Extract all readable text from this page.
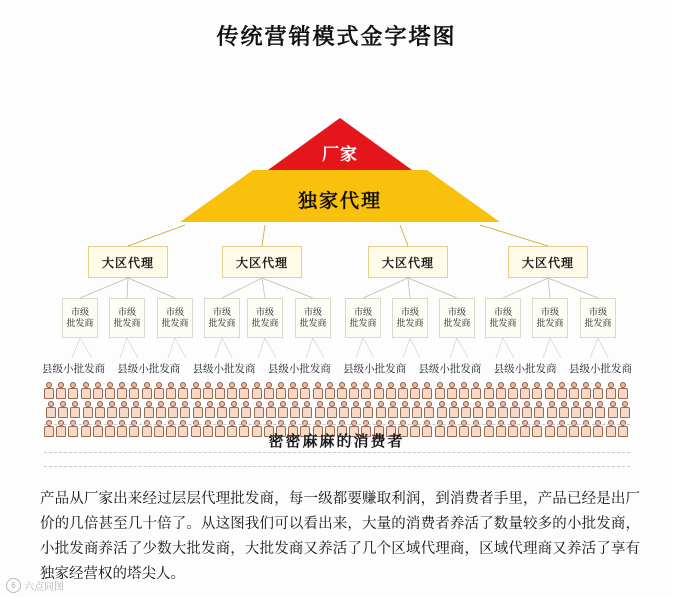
传统营销模式金字塔图
厂家
独家代理
大区代理	大区代理	大区代理	大区代理
市级
批发商
市级
批发商
市级
批发商
市级
批发商
市级
批发商
市级
批发商
市级
批发商
市级
批发商
市级
批发商
市级
批发商
市级
批发商
市级
批发商
县级小批发商 县级小批发商 县级小批发商 县级小批发商 县级小批发商 县级小批发商 县级小批发商 县级小批发商
密密麻麻的消费者
产品从厂家出来经过层层代理批发商，每一级都要赚取利润，到消费者手里，产品已经是出厂价的几倍甚至几十倍了。从这图我们可以看出来，大量的消费者养活了数量较多的小批发商，小批发商养活了少数大批发商，大批发商又养活了几个区域代理商，区域代理商又养活了享有独家经营权的塔尖人。
6 六点同图
